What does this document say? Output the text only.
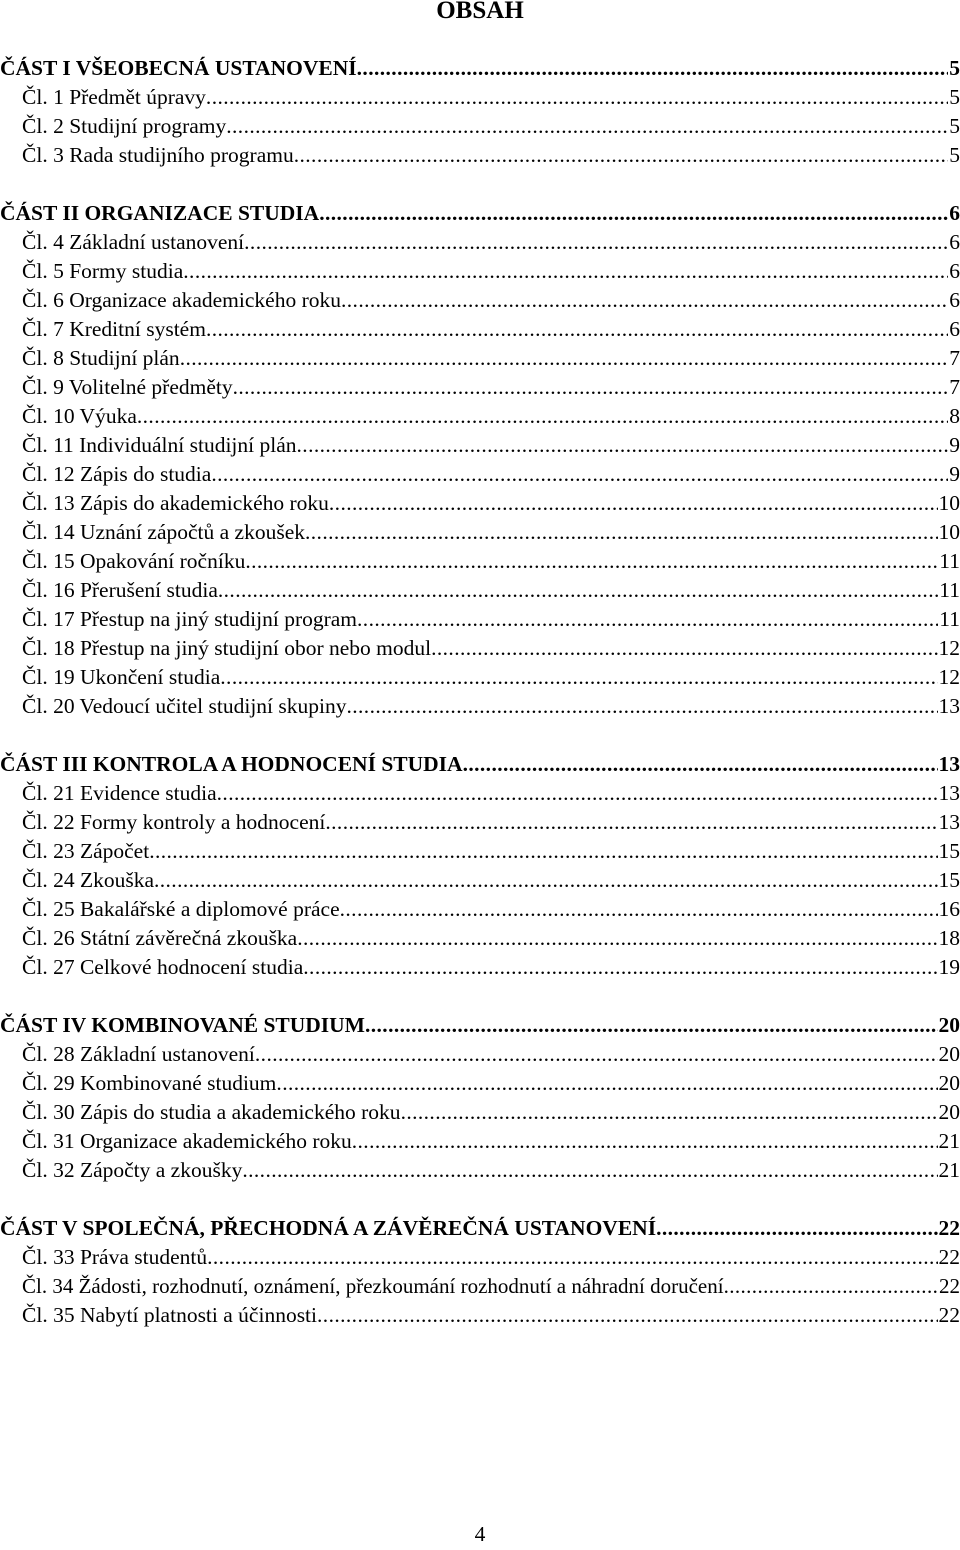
OBSAH
ČÁST I VŠEOBECNÁ USTANOVENÍ .....	5
Čl. 1 Předmět úpravy .....	5
Čl. 2 Studijní programy .....	5
Čl. 3 Rada studijního programu .....	5
ČÁST II ORGANIZACE STUDIA .....	6
Čl. 4 Základní ustanovení .....	6
Čl. 5 Formy studia .....	6
Čl. 6 Organizace akademického roku .....	6
Čl. 7 Kreditní systém .....	6
Čl. 8 Studijní plán .....	7
Čl. 9 Volitelné předměty .....	7
Čl. 10 Výuka .....	8
Čl. 11 Individuální studijní plán .....	9
Čl. 12 Zápis do studia .....	9
Čl. 13 Zápis do akademického roku .....	10
Čl. 14 Uznání zápočtů a zkoušek .....	10
Čl. 15 Opakování ročníku .....	11
Čl. 16 Přerušení studia .....	11
Čl. 17 Přestup na jiný studijní program .....	11
Čl. 18 Přestup na jiný studijní obor nebo modul .....	12
Čl. 19 Ukončení studia .....	12
Čl. 20 Vedoucí učitel studijní skupiny .....	13
ČÁST III KONTROLA A HODNOCENÍ STUDIA .....	13
Čl. 21 Evidence studia .....	13
Čl. 22 Formy kontroly a hodnocení .....	13
Čl. 23 Zápočet .....	15
Čl. 24 Zkouška .....	15
Čl. 25 Bakalářské a diplomové práce .....	16
Čl. 26 Státní závěrečná zkouška .....	18
Čl. 27 Celkové hodnocení studia .....	19
ČÁST IV KOMBINOVANÉ STUDIUM .....	20
Čl. 28 Základní ustanovení .....	20
Čl. 29 Kombinované studium .....	20
Čl. 30 Zápis do studia a akademického roku .....	20
Čl. 31 Organizace akademického roku .....	21
Čl. 32 Zápočty a zkoušky .....	21
ČÁST V SPOLEČNÁ, PŘECHODNÁ A ZÁVĚREČNÁ USTANOVENÍ .....	22
Čl. 33 Práva studentů .....	22
Čl. 34 Žádosti, rozhodnutí, oznámení, přezkoumání rozhodnutí a náhradní doručení .....	22
Čl. 35 Nabytí platnosti a účinnosti .....	22
4
